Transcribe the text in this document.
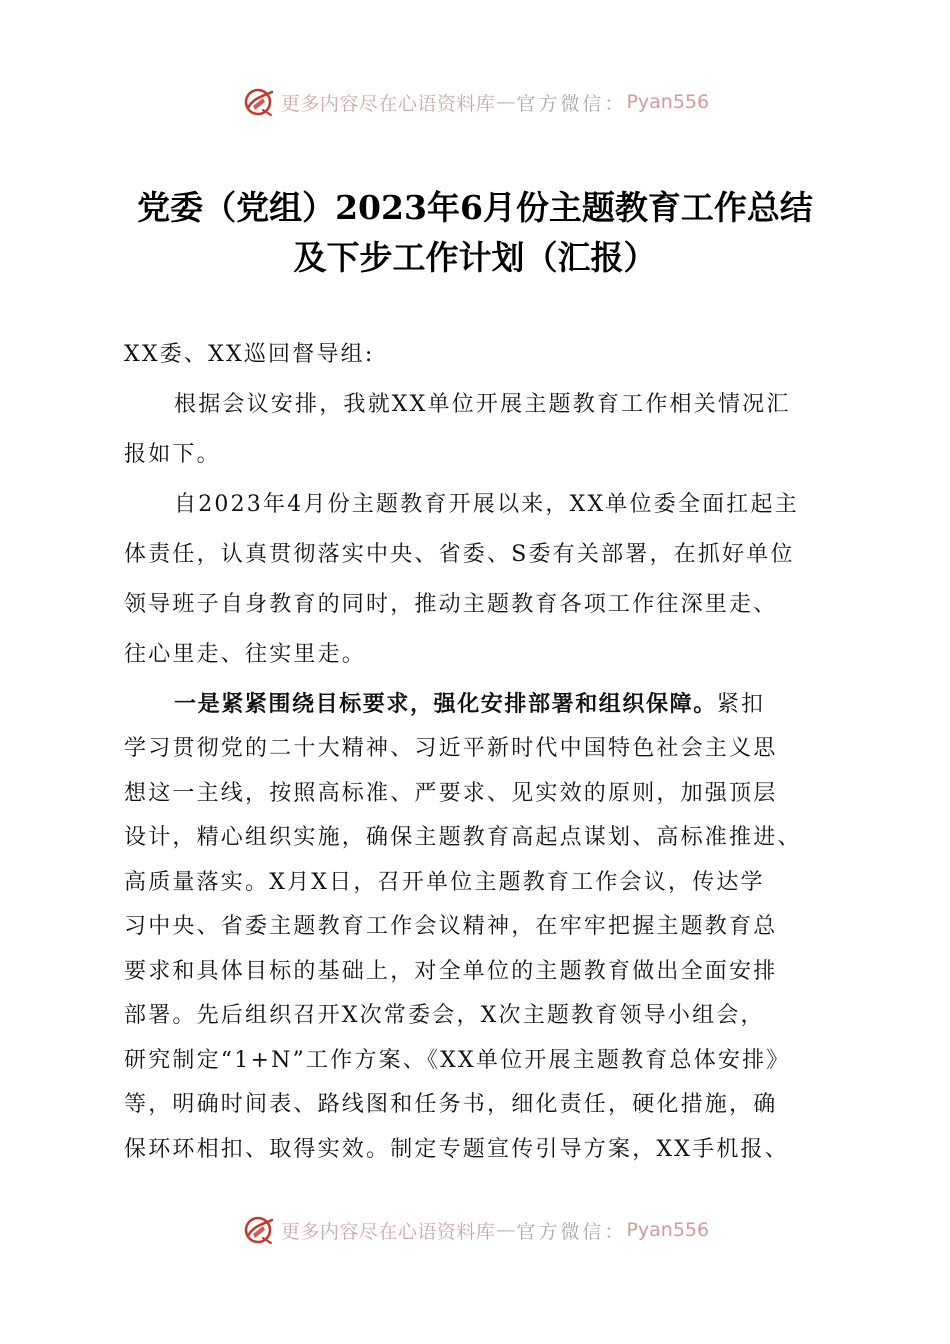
更多内容尽在心语资料库 — 官方微信： Pyan556
党委（党组）2023年6月份主题教育工作总结
及下步工作计划（汇报）
XX委、XX巡回督导组:
根据会议安排，我就XX单位开展主题教育工作相关情况汇
报如下。
自2023年4月份主题教育开展以来，XX单位委全面扛起主
体责任，认真贯彻落实中央、省委、S委有关部署，在抓好单位
领导班子自身教育的同时，推动主题教育各项工作往深里走、
往心里走、往实里走。
一是紧紧围绕目标要求，强化安排部署和组织保障。紧扣
学习贯彻党的二十大精神、习近平新时代中国特色社会主义思
想这一主线，按照高标准、严要求、见实效的原则，加强顶层
设计，精心组织实施，确保主题教育高起点谋划、高标准推进、
高质量落实。X月X日，召开单位主题教育工作会议，传达学
习中央、省委主题教育工作会议精神，在牢牢把握主题教育总
要求和具体目标的基础上，对全单位的主题教育做出全面安排
部署。先后组织召开X次常委会，X次主题教育领导小组会，
研究制定“1+N”工作方案、《XX单位开展主题教育总体安排》
等，明确时间表、路线图和任务书，细化责任，硬化措施，确
保环环相扣、取得实效。制定专题宣传引导方案，XX手机报、
更多内容尽在心语资料库 — 官方微信： Pyan556
